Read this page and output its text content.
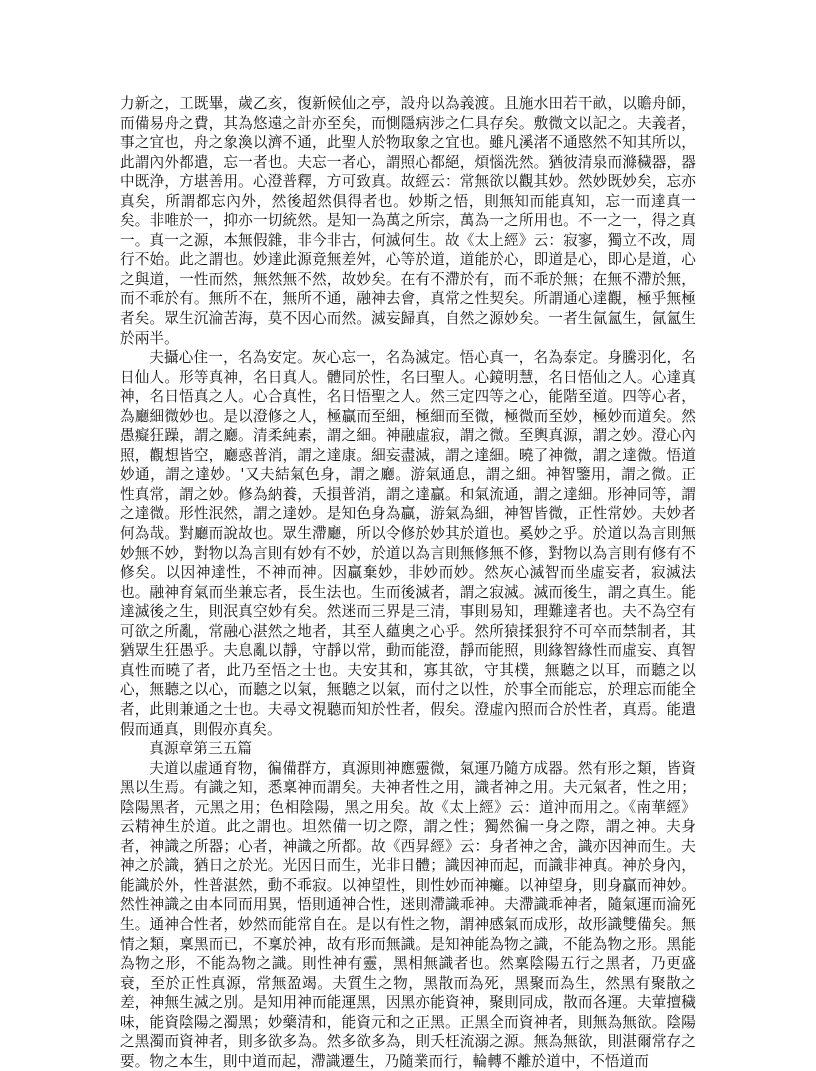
力新之，工既畢，歲乙亥，復新候仙之亭，設舟以為義渡。且施水田若干畝，以贍舟師，而備易舟之費，其為悠遠之計亦至矣，而惻隱病涉之仁具存矣。敷微文以記之。夫義者，事之宜也，舟之象渙以濟不通，此聖人於物取象之宜也。雖凡溪渚不通愍然不知其所以，此謂內外都遣，忘一者也。夫忘一者心，謂照心都絕，煩惱洗然。猶彼清泉而滌穢器，器中既浄，方堪善用。心澄普釋，方可致真。故經云：常無欲以觀其妙。然妙既妙矣，忘亦真矣，所謂都忘內外，然後超然俱得者也。妙斯之悟，則無知而能真知，忘一而達真一矣。非唯於一，抑亦一切統然。是知一為萬之所宗，萬為一之所用也。不一之一，得之真一。真一之源，本無假雜，非今非古，何滅何生。故《太上經》云：寂寥，獨立不改，周行不始。此之謂也。妙達此源竟無差舛，心等於道，道能於心，即道是心，即心是道，心之與道，一性而然，無然無不然，故妙矣。在有不滯於有，而不乖於無；在無不滯於無，而不乖於有。無所不在，無所不通，融神去會，真常之性契矣。所謂通心達觀，極乎無極者矣。眾生沉淪苦海，莫不因心而然。滅妄歸真，自然之源妙矣。一者生氤氳生，氤氳生於兩半。

夫攝心住一，名為安定。灰心忘一，名為滅定。悟心真一，名為泰定。身騰羽化，名日仙人。形等真神，名日真人。體同於性，名曰聖人。心鏡明慧，名日悟仙之人。心達真神，名日悟真之人。心合真性，名日悟聖之人。然三定四等之心，能階至道。四等心者，為廳細微妙也。是以澄修之人，極贏而至細，極細而至微，極微而至妙，極妙而道矣。然愚癡狂躁，謂之廳。清柔純素，謂之細。神融虛寂，謂之微。至輿真源，謂之妙。澄心內照，觀想皆空，廳惑普消，謂之達康。細妄盡滅，謂之達細。曉了神微，謂之達微。悟道妙通，謂之達妙。'又夫結氣色身，謂之廳。游氣通息，謂之細。神智鑒用，謂之微。正性真常，謂之妙。修為納養，夭損普消，謂之達贏。和氣流通，謂之達細。形神同等，謂之達微。形性泯然，謂之達妙。是知色身為贏，游氣為細，神智皆微，正性常妙。夫妙者何為哉。對廳而說故也。眾生滯廳，所以令修於妙其於道也。奚妙之乎。於道以為言則無妙無不妙，對物以為言則有妙有不妙，於道以為言則無修無不修，對物以為言則有修有不修矣。以因神達性，不神而神。因贏棄妙，非妙而妙。然灰心滅智而坐虛妄者，寂滅法也。融神育氣而坐兼忘者，長生法也。生而後滅者，謂之寂滅。滅而後生，謂之真生。能達滅後之生，則泯真空妙有矣。然迷而三界是三清，事則易知，理難達者也。夫不為空有可欲之所亂，常融心湛然之地者，其至人蘊奧之心乎。然所猿揉狠狩不可卒而禁制者，其猶眾生狂愚乎。夫息亂以靜，守靜以常，動而能澄，靜而能照，則緣智緣性而虛妄、真智真性而曉了者，此乃至悟之士也。夫安其和，寡其欲，守其樸，無聽之以耳，而聽之以心，無聽之以心，而聽之以氣，無聽之以氣，而付之以性，於事全而能忘，於理忘而能全者，此則兼通之士也。夫尋文視聽而知於性者，假矣。澄虛內照而合於性者，真焉。能遣假而通真，則假亦真矣。

真源章第三五篇

夫道以虛通育物，徧備群方，真源則神應靈微，氣運乃隨方成器。然有形之類，皆資黑以生焉。有識之知，悉稟神而謂矣。夫神者性之用，識者神之用。夫元氣者，性之用；陰陽黑者，元黑之用；色相陰陽，黑之用矣。故《太上經》云：道沖而用之。《南華經》云精神生於道。此之謂也。坦然備一切之際，謂之性；獨然徧一身之際，謂之神。夫身者，神識之所器；心者，神識之所都。故《西昇經》云：身者神之舍，識亦因神而生。夫神之於識，猶日之於光。光因日而生，光非日體；識因神而起，而識非神真。神於身內，能識於外，性普湛然，動不乖寂。以神望性，則性妙而神癱。以神望身，則身贏而神妙。然性神識之由本同而用異，悟則通神合性，迷則滯識乖神。夫滯識乖神者，隨氣運而淪死生。通神合性者，妙然而能常自在。是以有性之物，謂神感氣而成形，故形識雙備矣。無情之類，稟黑而已，不稟於神，故有形而無識。是知神能為物之識，不能為物之形。黑能為物之形，不能為物之識。則性神有靈，黑相無識者也。然稟陰陽五行之黑者，乃更盛衰，至於正性真源，常無盈竭。夫質生之物，黑散而為死，黑聚而為生，然黑有聚散之差，神無生滅之別。是知用神而能運黑，因黑亦能資神，聚則同成，散而各運。夫葷擅穢味，能資陰陽之濁黑；妙藥清和，能資元和之正黑。正黑全而資神者，則無為無欲。陰陽之黑濁而資神者，則多欲多為。然多欲多為，則夭枉流溺之源。無為無欲，則湛爾常存之要。物之本生，則中道而起，滯識遷生，乃隨業而行，輪轉不離於道中，不悟道而
